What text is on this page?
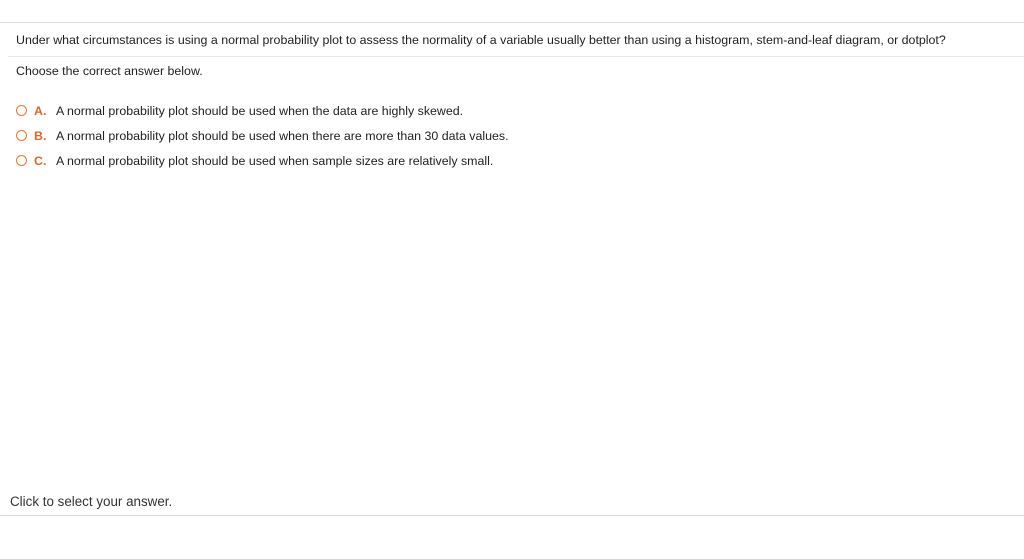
Under what circumstances is using a normal probability plot to assess the normality of a variable usually better than using a histogram, stem-and-leaf diagram, or dotplot?
Choose the correct answer below.
A. A normal probability plot should be used when the data are highly skewed.
B. A normal probability plot should be used when there are more than 30 data values.
C. A normal probability plot should be used when sample sizes are relatively small.
Click to select your answer.
